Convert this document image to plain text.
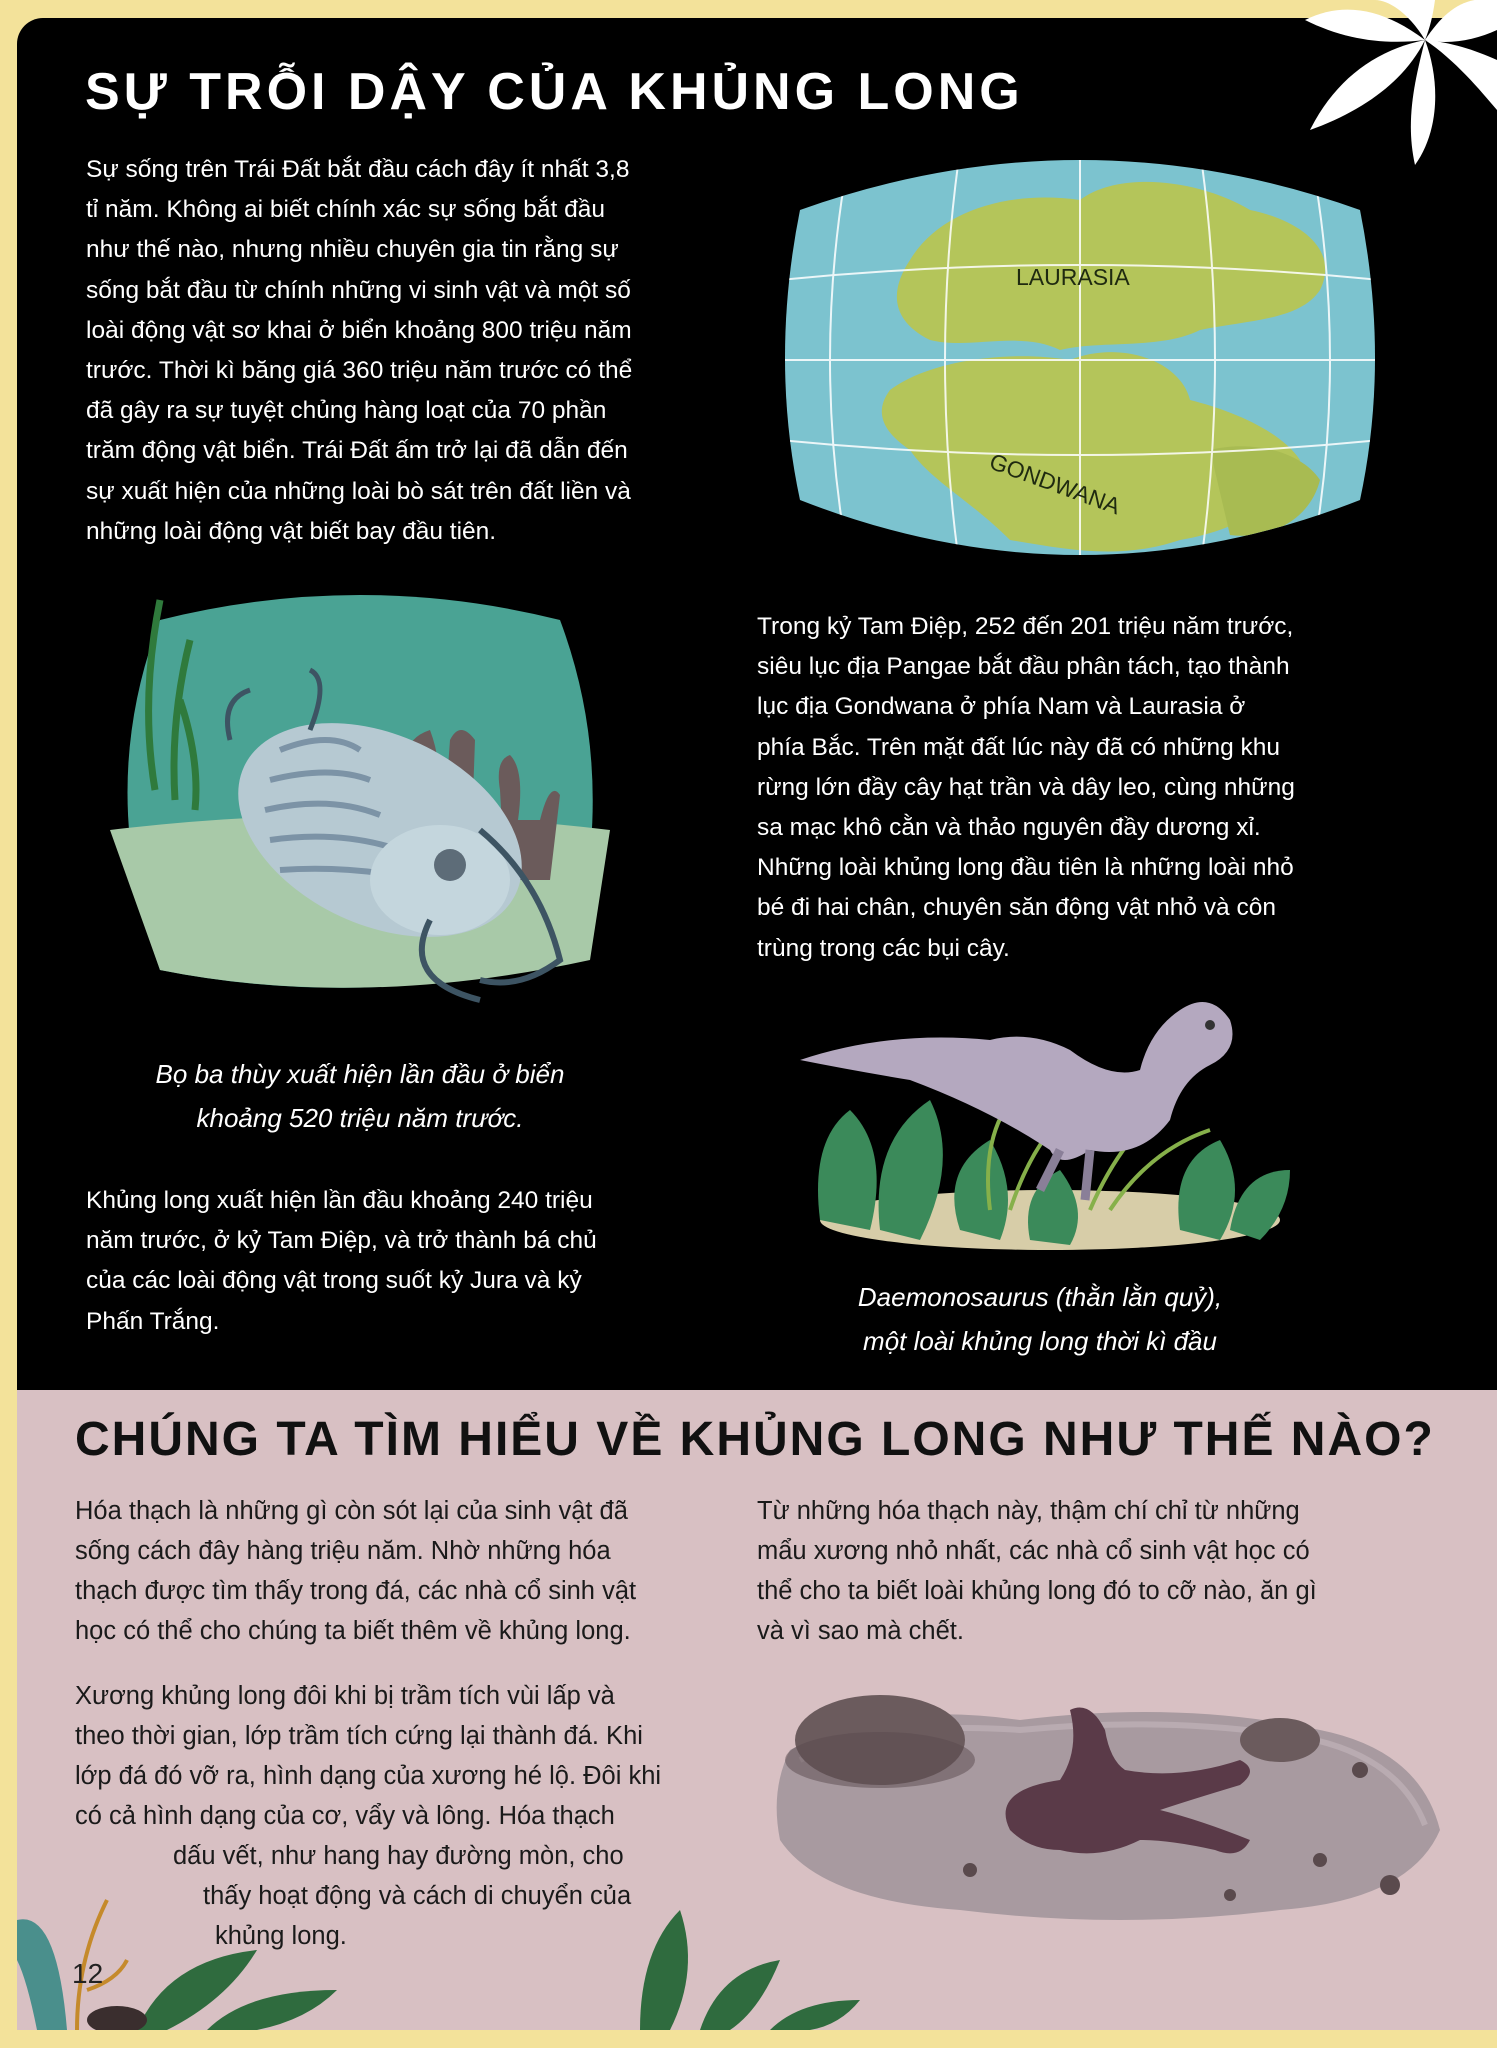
SỰ TRỖI DẬY CỦA KHỦNG LONG
Sự sống trên Trái Đất bắt đầu cách đây ít nhất 3,8
tỉ năm. Không ai biết chính xác sự sống bắt đầu
như thế nào, nhưng nhiều chuyên gia tin rằng sự
sống bắt đầu từ chính những vi sinh vật và một số
loài động vật sơ khai ở biển khoảng 800 triệu năm
trước. Thời kì băng giá 360 triệu năm trước có thể
đã gây ra sự tuyệt chủng hàng loạt của 70 phần
trăm động vật biển. Trái Đất ấm trở lại đã dẫn đến
sự xuất hiện của những loài bò sát trên đất liền và
những loài động vật biết bay đầu tiên.
LAURASIA
GONDWANA
Trong kỷ Tam Điệp, 252 đến 201 triệu năm trước,
siêu lục địa Pangae bắt đầu phân tách, tạo thành
lục địa Gondwana ở phía Nam và Laurasia ở
phía Bắc. Trên mặt đất lúc này đã có những khu
rừng lớn đầy cây hạt trần và dây leo, cùng những
sa mạc khô cằn và thảo nguyên đầy dương xỉ.
Những loài khủng long đầu tiên là những loài nhỏ
bé đi hai chân, chuyên săn động vật nhỏ và côn
trùng trong các bụi cây.
Bọ ba thùy xuất hiện lần đầu ở biển
khoảng 520 triệu năm trước.
Daemonosaurus (thằn lằn quỷ),
một loài khủng long thời kì đầu
Khủng long xuất hiện lần đầu khoảng 240 triệu
năm trước, ở kỷ Tam Điệp, và trở thành bá chủ
của các loài động vật trong suốt kỷ Jura và kỷ
Phấn Trắng.
CHÚNG TA TÌM HIỂU VỀ KHỦNG LONG NHƯ THẾ NÀO?
Hóa thạch là những gì còn sót lại của sinh vật đã
sống cách đây hàng triệu năm. Nhờ những hóa
thạch được tìm thấy trong đá, các nhà cổ sinh vật
học có thể cho chúng ta biết thêm về khủng long.
Xương khủng long đôi khi bị trầm tích vùi lấp và
theo thời gian, lớp trầm tích cứng lại thành đá. Khi
lớp đá đó vỡ ra, hình dạng của xương hé lộ. Đôi khi
có cả hình dạng của cơ, vẩy và lông. Hóa thạch
dấu vết, như hang hay đường mòn, cho
thấy hoạt động và cách di chuyển của
khủng long.
Từ những hóa thạch này, thậm chí chỉ từ những
mẩu xương nhỏ nhất, các nhà cổ sinh vật học có
thể cho ta biết loài khủng long đó to cỡ nào, ăn gì
và vì sao mà chết.
12
